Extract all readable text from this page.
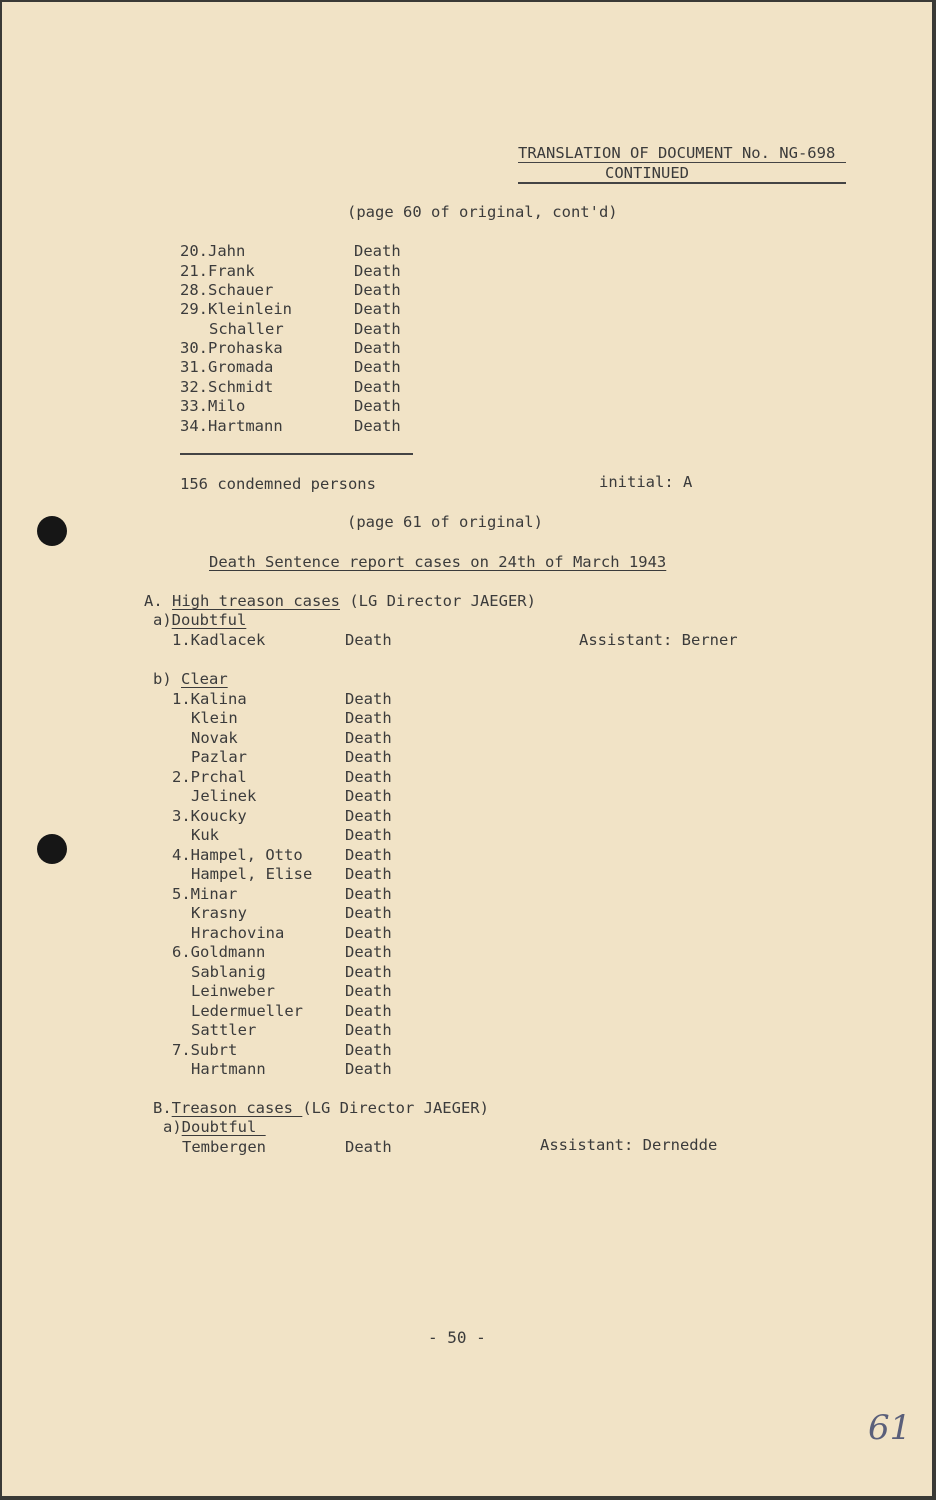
TRANSLATION OF DOCUMENT No. NG-698
CONTINUED
(page 60 of original, cont'd)
20.Jahn	Death
21.Frank	Death
28.Schauer	Death
29.Kleinlein	Death
Schaller	Death
30.Prohaska	Death
31.Gromada	Death
32.Schmidt	Death
33.Milo	Death
34.Hartmann	Death
156 condemned persons	initial: A
(page 61 of original)
Death Sentence report cases on 24th of March 1943
A. High treason cases (LG Director JAEGER)
a)Doubtful
1.Kadlacek	Death	Assistant: Berner
b) Clear
1.Kalina	Death
Klein	Death
Novak	Death
Pazlar	Death
2.Prchal	Death
Jelinek	Death
3.Koucky	Death
Kuk	Death
4.Hampel, Otto	Death
Hampel, Elise Death
5.Minar	Death
Krasny	Death
Hrachovina	Death
6.Goldmann	Death
Sablanig	Death
Leinweber	Death
Ledermueller	Death
Sattler	Death
7.Subrt	Death
Hartmann	Death
B.Treason cases (LG Director JAEGER)
a)Doubtful
Tembergen	Death	Assistant: Dernedde
- 50 -
61
